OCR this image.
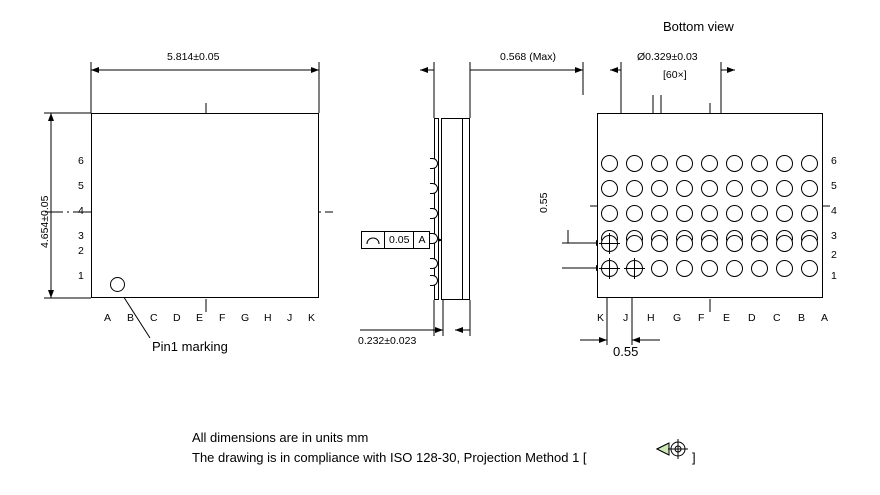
5.814±0.05
4.654±0.05
6
5
4
3
2
1
A B C D E F G H J K
Pin1 marking
0.568 (Max)
0.232±0.023
0.05 A
Bottom view
Ø0.329±0.03
[60×]
0.55
0.55
6
5
4
3
2
1
K J H G F E D C B A
All dimensions are in units mm
The drawing is in compliance with ISO 128-30, Projection Method 1 [	]
